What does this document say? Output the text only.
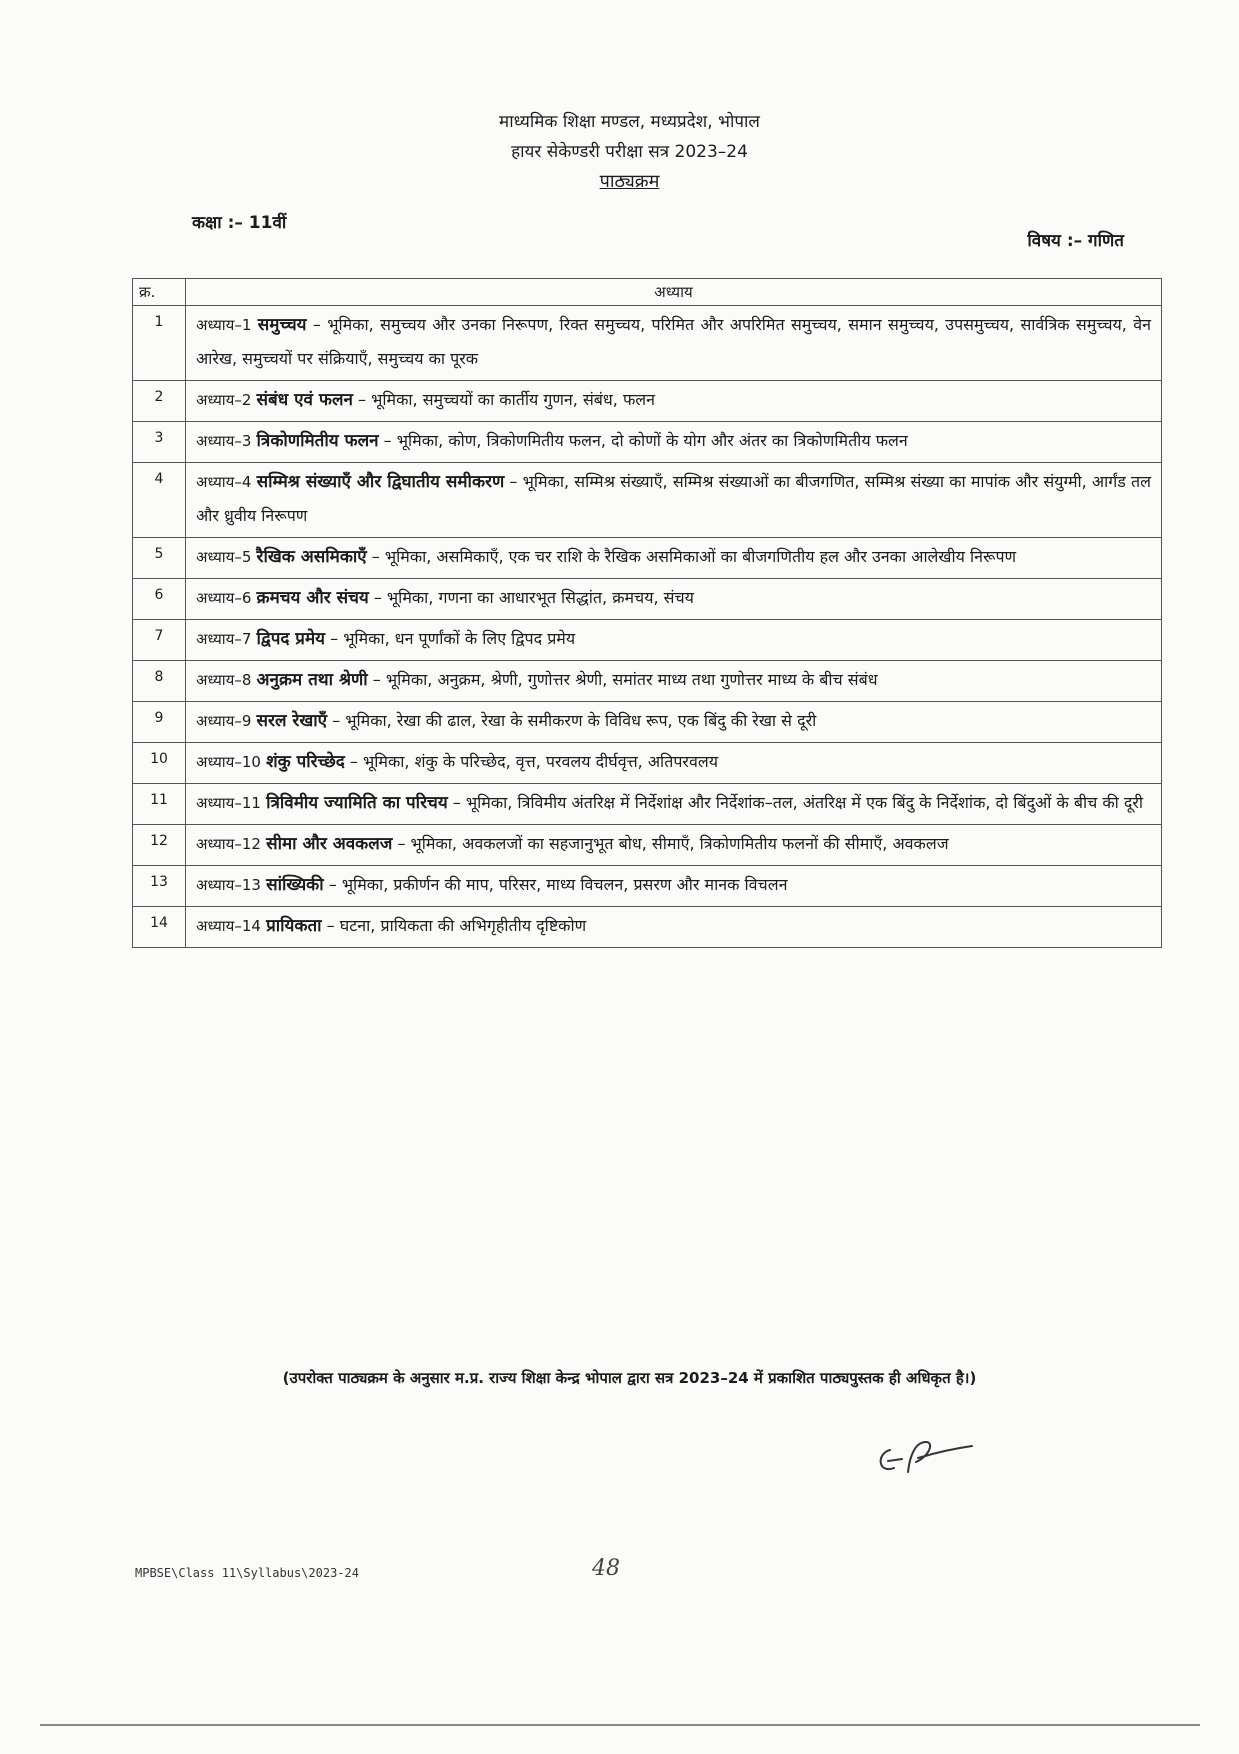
माध्यमिक शिक्षा मण्डल, मध्यप्रदेश, भोपाल
हायर सेकेण्डरी परीक्षा सत्र 2023–24
पाठ्यक्रम
कक्षा :– 11वीं
विषय :– गणित
क्र.	अध्याय
1	अध्याय–1 समुच्चय – भूमिका, समुच्चय और उनका निरूपण, रिक्त समुच्चय, परिमित और अपरिमित समुच्चय, समान समुच्चय, उपसमुच्चय, सार्वत्रिक समुच्चय, वेन आरेख, समुच्चयों पर संक्रियाएँ, समुच्चय का पूरक
2	अध्याय–2 संबंध एवं फलन – भूमिका, समुच्चयों का कार्तीय गुणन, संबंध, फलन
3	अध्याय–3 त्रिकोणमितीय फलन – भूमिका, कोण, त्रिकोणमितीय फलन, दो कोणों के योग और अंतर का त्रिकोणमितीय फलन
4	अध्याय–4 सम्मिश्र संख्याएँ और द्विघातीय समीकरण – भूमिका, सम्मिश्र संख्याएँ, सम्मिश्र संख्याओं का बीजगणित, सम्मिश्र संख्या का मापांक और संयुग्मी, आर्गंड तल और ध्रुवीय निरूपण
5	अध्याय–5 रैखिक असमिकाएँ – भूमिका, असमिकाएँ, एक चर राशि के रैखिक असमिकाओं का बीजगणितीय हल और उनका आलेखीय निरूपण
6	अध्याय–6 क्रमचय और संचय – भूमिका, गणना का आधारभूत सिद्धांत, क्रमचय, संचय
7	अध्याय–7 द्विपद प्रमेय – भूमिका, धन पूर्णांकों के लिए द्विपद प्रमेय
8	अध्याय–8 अनुक्रम तथा श्रेणी – भूमिका, अनुक्रम, श्रेणी, गुणोत्तर श्रेणी, समांतर माध्य तथा गुणोत्तर माध्य के बीच संबंध
9	अध्याय–9 सरल रेखाएँ – भूमिका, रेखा की ढाल, रेखा के समीकरण के विविध रूप, एक बिंदु की रेखा से दूरी
10	अध्याय–10 शंकु परिच्छेद – भूमिका, शंकु के परिच्छेद, वृत्त, परवलय दीर्घवृत्त, अतिपरवलय
11	अध्याय–11 त्रिविमीय ज्यामिति का परिचय – भूमिका, त्रिविमीय अंतरिक्ष में निर्देशांक्ष और निर्देशांक–तल, अंतरिक्ष में एक बिंदु के निर्देशांक, दो बिंदुओं के बीच की दूरी
12	अध्याय–12 सीमा और अवकलज – भूमिका, अवकलजों का सहजानुभूत बोध, सीमाएँ, त्रिकोणमितीय फलनों की सीमाएँ, अवकलज
13	अध्याय–13 सांख्यिकी – भूमिका, प्रकीर्णन की माप, परिसर, माध्य विचलन, प्रसरण और मानक विचलन
14	अध्याय–14 प्रायिकता – घटना, प्रायिकता की अभिगृहीतीय दृष्टिकोण
(उपरोक्त पाठ्यक्रम के अनुसार म.प्र. राज्य शिक्षा केन्द्र भोपाल द्वारा सत्र 2023–24 में प्रकाशित पाठ्यपुस्तक ही अधिकृत है।)
MPBSE\Class 11\Syllabus\2023-24	48
